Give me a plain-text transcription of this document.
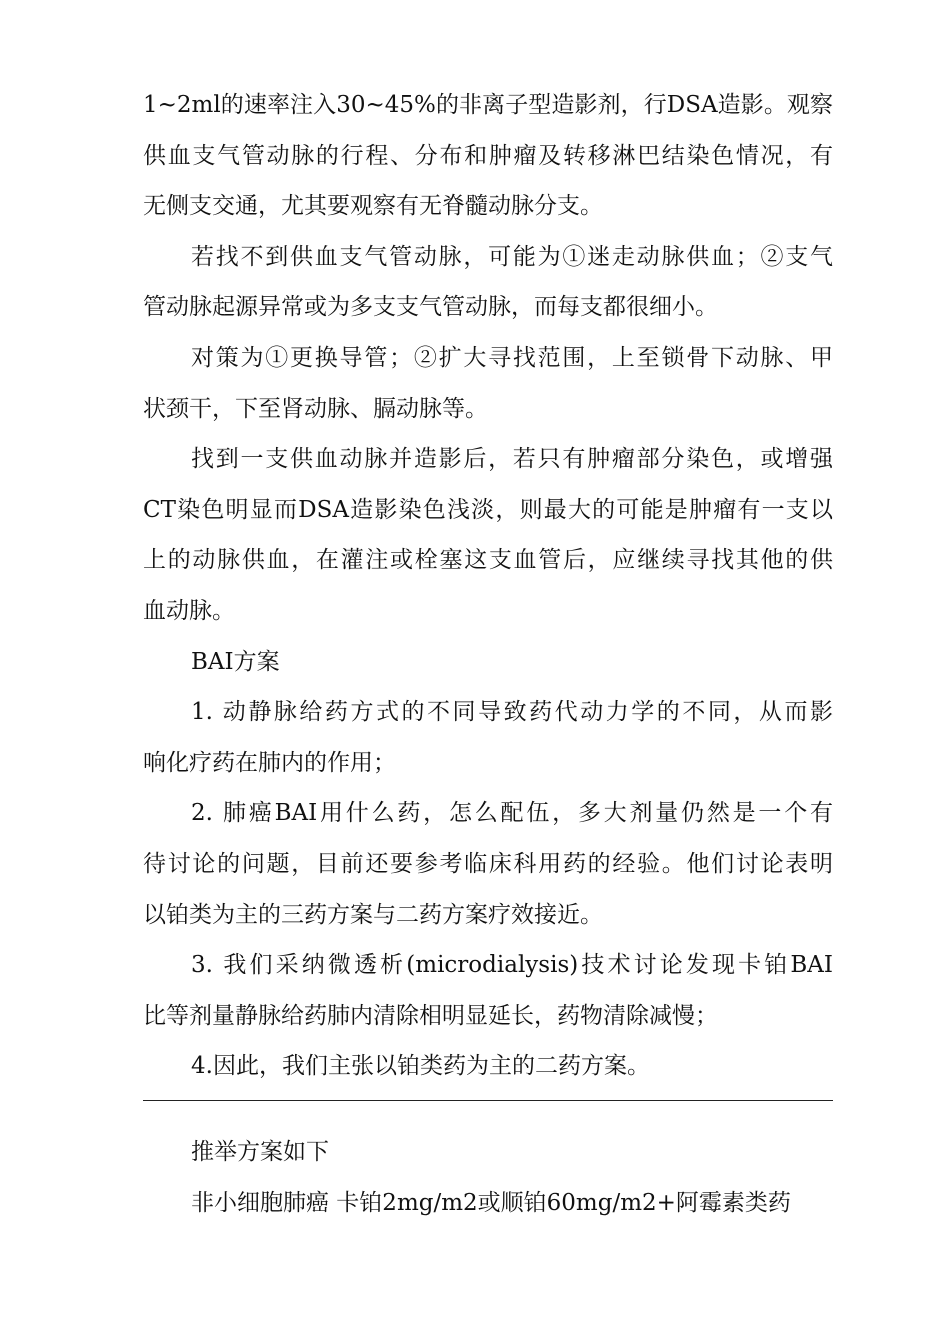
1~2ml的速率注入30~45%的非离子型造影剂，行DSA造影。观察
供血支气管动脉的行程、分布和肿瘤及转移淋巴结染色情况，有
无侧支交通，尤其要观察有无脊髓动脉分支。
若找不到供血支气管动脉，可能为①迷走动脉供血；②支气
管动脉起源异常或为多支支气管动脉，而每支都很细小。
对策为①更换导管；②扩大寻找范围，上至锁骨下动脉、甲
状颈干，下至肾动脉、膈动脉等。
找到一支供血动脉并造影后，若只有肿瘤部分染色，或增强
CT染色明显而DSA造影染色浅淡，则最大的可能是肿瘤有一支以
上的动脉供血，在灌注或栓塞这支血管后，应继续寻找其他的供
血动脉。
BAI方案
1. 动静脉给药方式的不同导致药代动力学的不同，从而影
响化疗药在肺内的作用；
2. 肺癌BAI用什么药，怎么配伍，多大剂量仍然是一个有
待讨论的问题，目前还要参考临床科用药的经验。他们讨论表明
以铂类为主的三药方案与二药方案疗效接近。
3. 我们采纳微透析(microdialysis)技术讨论发现卡铂BAI
比等剂量静脉给药肺内清除相明显延长，药物清除减慢；
4.因此，我们主张以铂类药为主的二药方案。
推举方案如下
非小细胞肺癌 卡铂2mg/m2或顺铂60mg/m2+阿霉素类药
